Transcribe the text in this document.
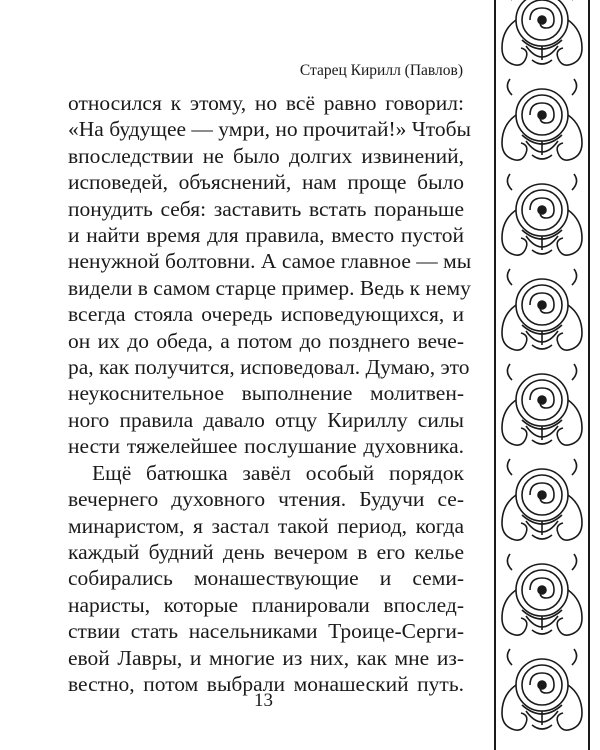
Старец Кирилл (Павлов)
относился к этому, но всё равно говорил:
«На будущее — умри, но прочитай!» Чтобы
впоследствии не было долгих извинений,
исповедей, объяснений, нам проще было
понудить себя: заставить встать пораньше
и найти время для правила, вместо пустой
ненужной болтовни. А самое главное — мы
видели в самом старце пример. Ведь к нему
всегда стояла очередь исповедующихся, и
он их до обеда, а потом до позднего вече-
ра, как получится, исповедовал. Думаю, это
неукоснительное выполнение молитвен-
ного правила давало отцу Кириллу силы
нести тяжелейшее послушание духовника.
Ещё батюшка завёл особый порядок
вечернего духовного чтения. Будучи се-
минаристом, я застал такой период, когда
каждый будний день вечером в его келье
собирались монашествующие и семи-
наристы, которые планировали впослед-
ствии стать насельниками Троице-Серги-
евой Лавры, и многие из них, как мне из-
вестно, потом выбрали монашеский путь.
13
